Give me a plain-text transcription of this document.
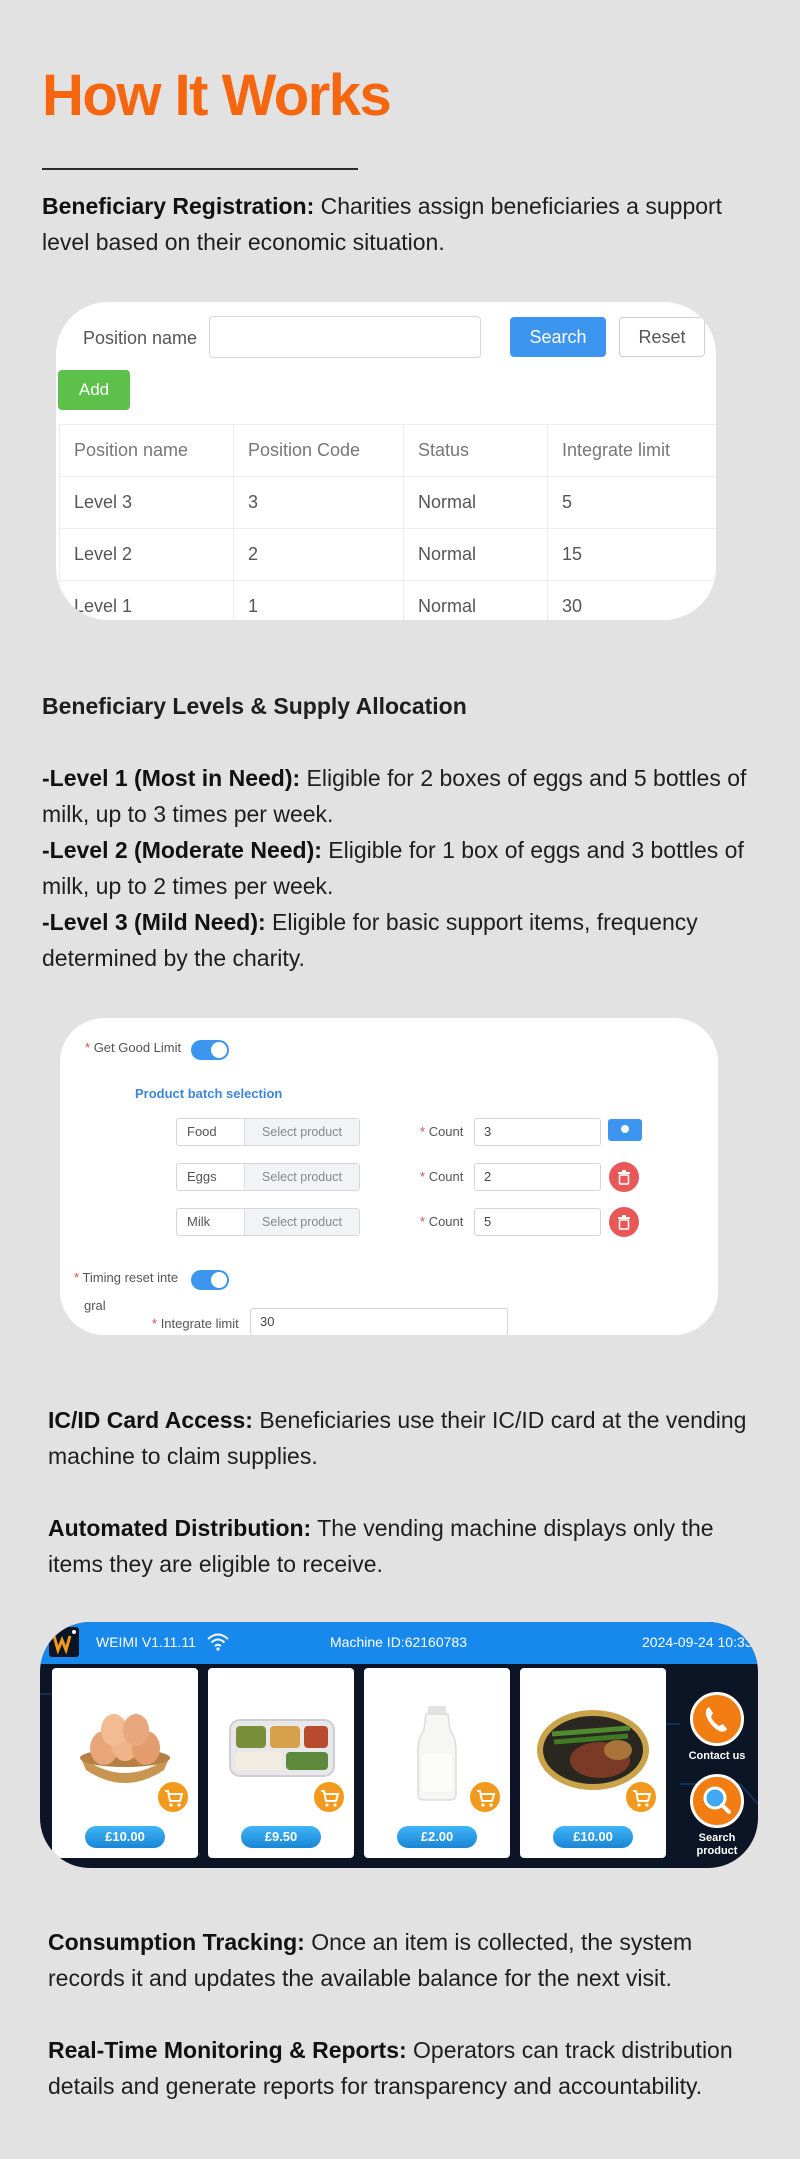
How It Works

Beneficiary Registration: Charities assign beneficiaries a support level based on their economic situation.

Position name	Search	Reset
Add
Position name	Position Code	Status	Integrate limit
Level 3	3	Normal	5
Level 2	2	Normal	15
Level 1	1	Normal	30

Beneficiary Levels & Supply Allocation

-Level 1 (Most in Need): Eligible for 2 boxes of eggs and 5 bottles of milk, up to 3 times per week.

-Level 2 (Moderate Need): Eligible for 1 box of eggs and 3 bottles of milk, up to 2 times per week.

-Level 3 (Mild Need): Eligible for basic support items, frequency determined by the charity.

* Get Good Limit
Product batch selection
Food	Select product	* Count	3
Eggs	Select product	* Count	2
Milk	Select product	* Count	5
* Timing reset inte
gral
* Integrate limit	30

IC/ID Card Access: Beneficiaries use their IC/ID card at the vending machine to claim supplies.

Automated Distribution: The vending machine displays only the items they are eligible to receive.

WEIMI V1.11.11	Machine ID:62160783	2024-09-24 10:33
£10.00	£9.50	£2.00	£10.00
Contact us
Search
product

Consumption Tracking: Once an item is collected, the system records it and updates the available balance for the next visit.

Real-Time Monitoring & Reports: Operators can track distribution details and generate reports for transparency and accountability.
